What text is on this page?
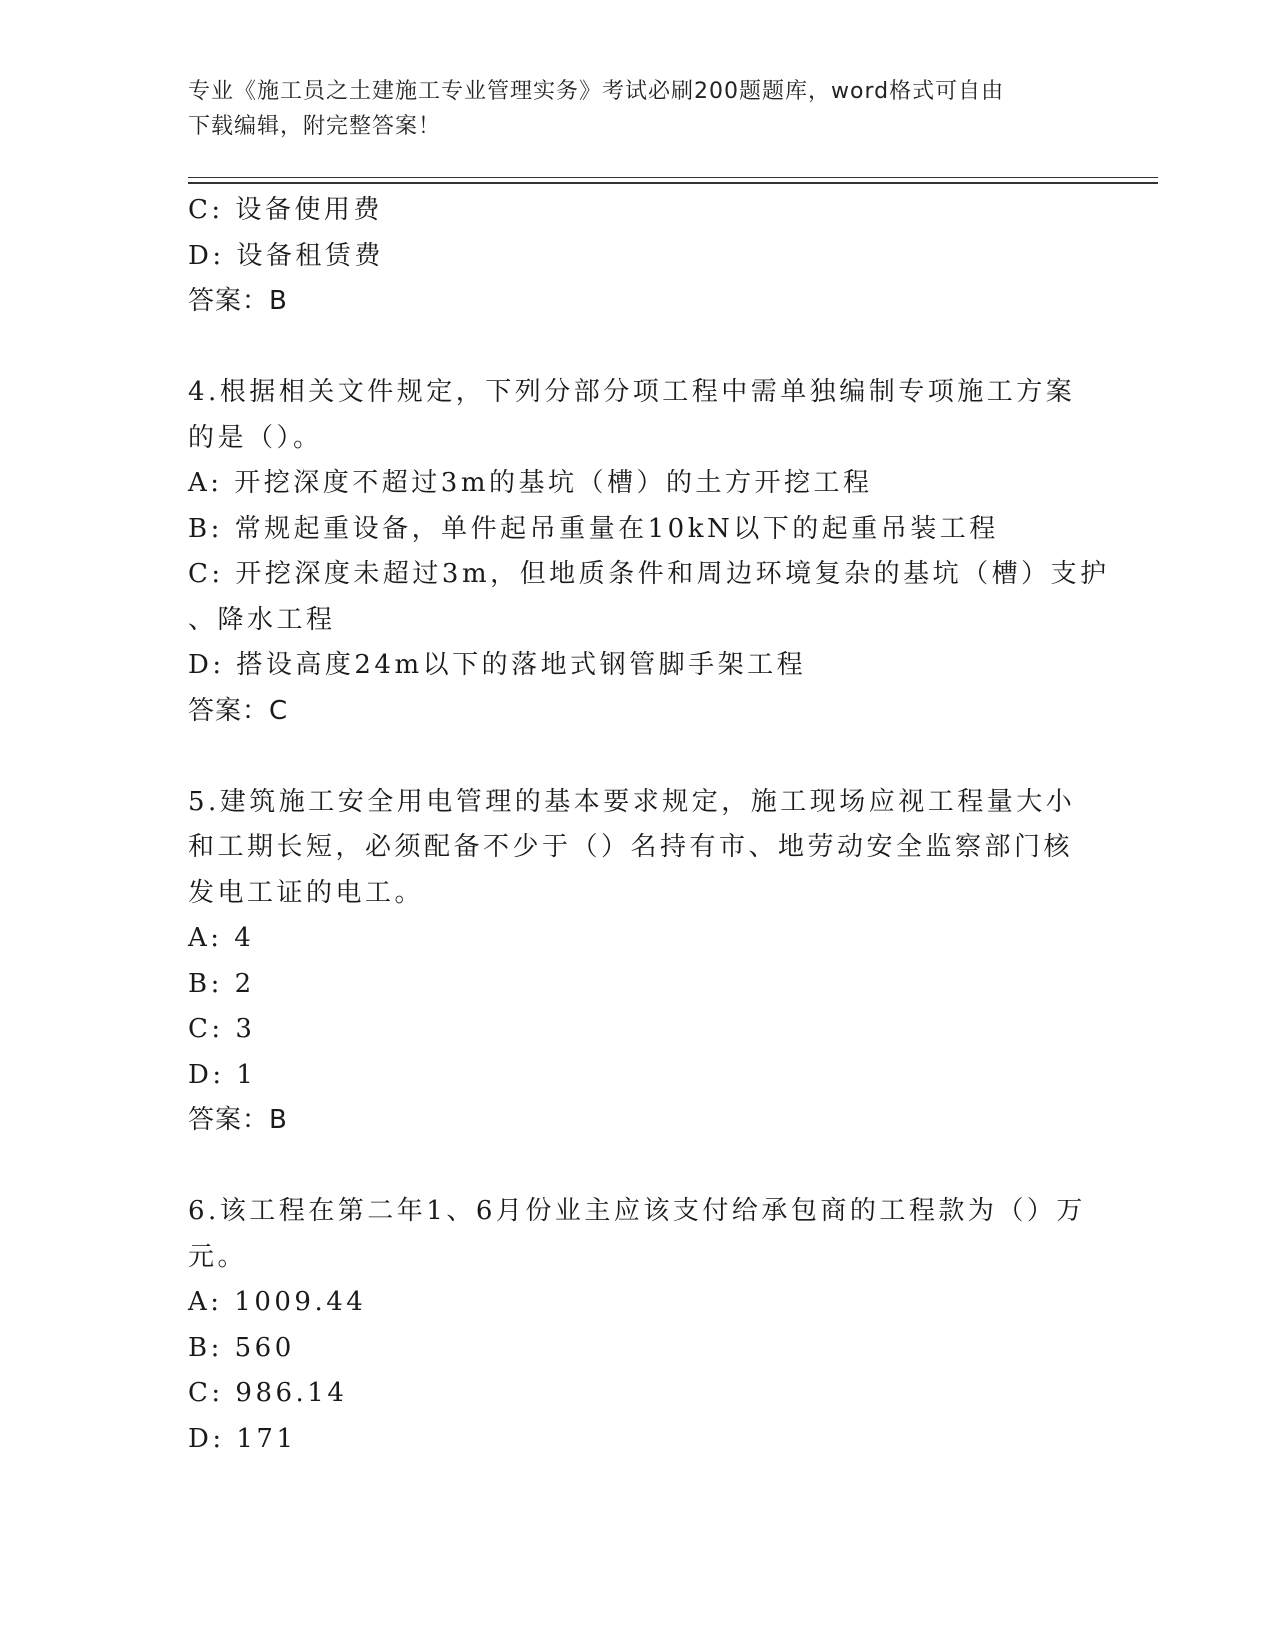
专业《施工员之土建施工专业管理实务》考试必刷200题题库，word格式可自由
下载编辑，附完整答案！
C: 设备使用费
D: 设备租赁费
答案：B
4.根据相关文件规定，下列分部分项工程中需单独编制专项施工方案
的是（）。
A: 开挖深度不超过3m的基坑（槽）的土方开挖工程
B: 常规起重设备，单件起吊重量在10kN以下的起重吊装工程
C: 开挖深度未超过3m，但地质条件和周边环境复杂的基坑（槽）支护
、降水工程
D: 搭设高度24m以下的落地式钢管脚手架工程
答案：C
5.建筑施工安全用电管理的基本要求规定，施工现场应视工程量大小
和工期长短，必须配备不少于（）名持有市、地劳动安全监察部门核
发电工证的电工。
A: 4
B: 2
C: 3
D: 1
答案：B
6.该工程在第二年1、6月份业主应该支付给承包商的工程款为（）万
元。
A: 1009.44
B: 560
C: 986.14
D: 171
